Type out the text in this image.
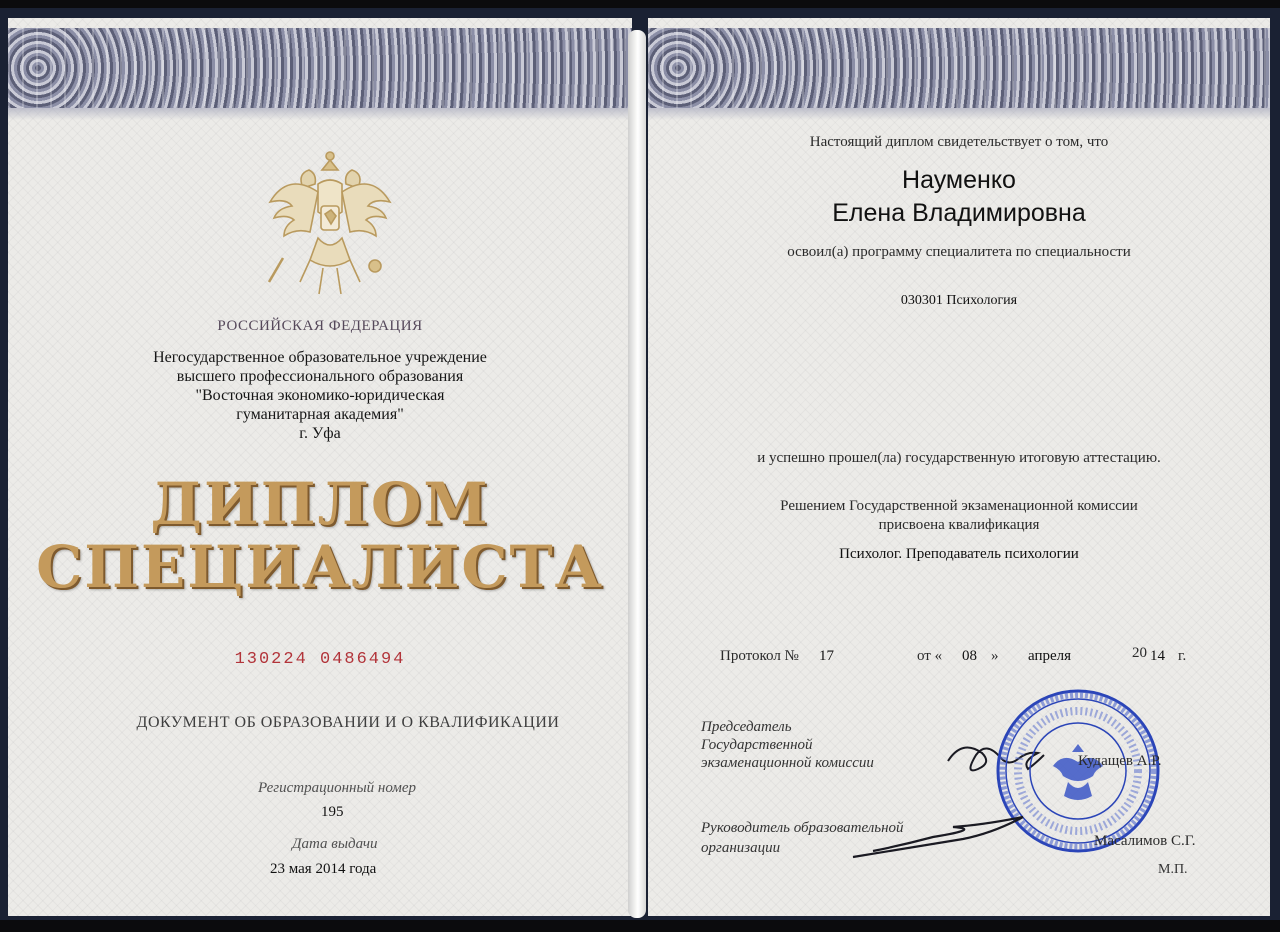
РОССИЙСКАЯ ФЕДЕРАЦИЯ
Негосударственное образовательное учреждение
высшего профессионального образования
"Восточная экономико-юридическая
гуманитарная академия"
г. Уфа
ДИПЛОМ
СПЕЦИАЛИСТА
130224 0486494
ДОКУМЕНТ ОБ ОБРАЗОВАНИИ И О КВАЛИФИКАЦИИ
Регистрационный номер
195
Дата выдачи
23 мая 2014 года
Настоящий диплом свидетельствует о том, что
Науменко
Елена Владимировна
освоил(а) программу специалитета по специальности
030301 Психология
и успешно прошел(ла) государственную итоговую аттестацию.
Решением Государственной экзаменационной комиссии
присвоена квалификация
Психолог. Преподаватель психологии
Протокол № 17	от « 08 » апреля	20 14 г.
Председатель
Государственной
экзаменационной комиссии	Кудащев А.Р.
Руководитель образовательной
организации	Масалимов С.Г.
М.П.
